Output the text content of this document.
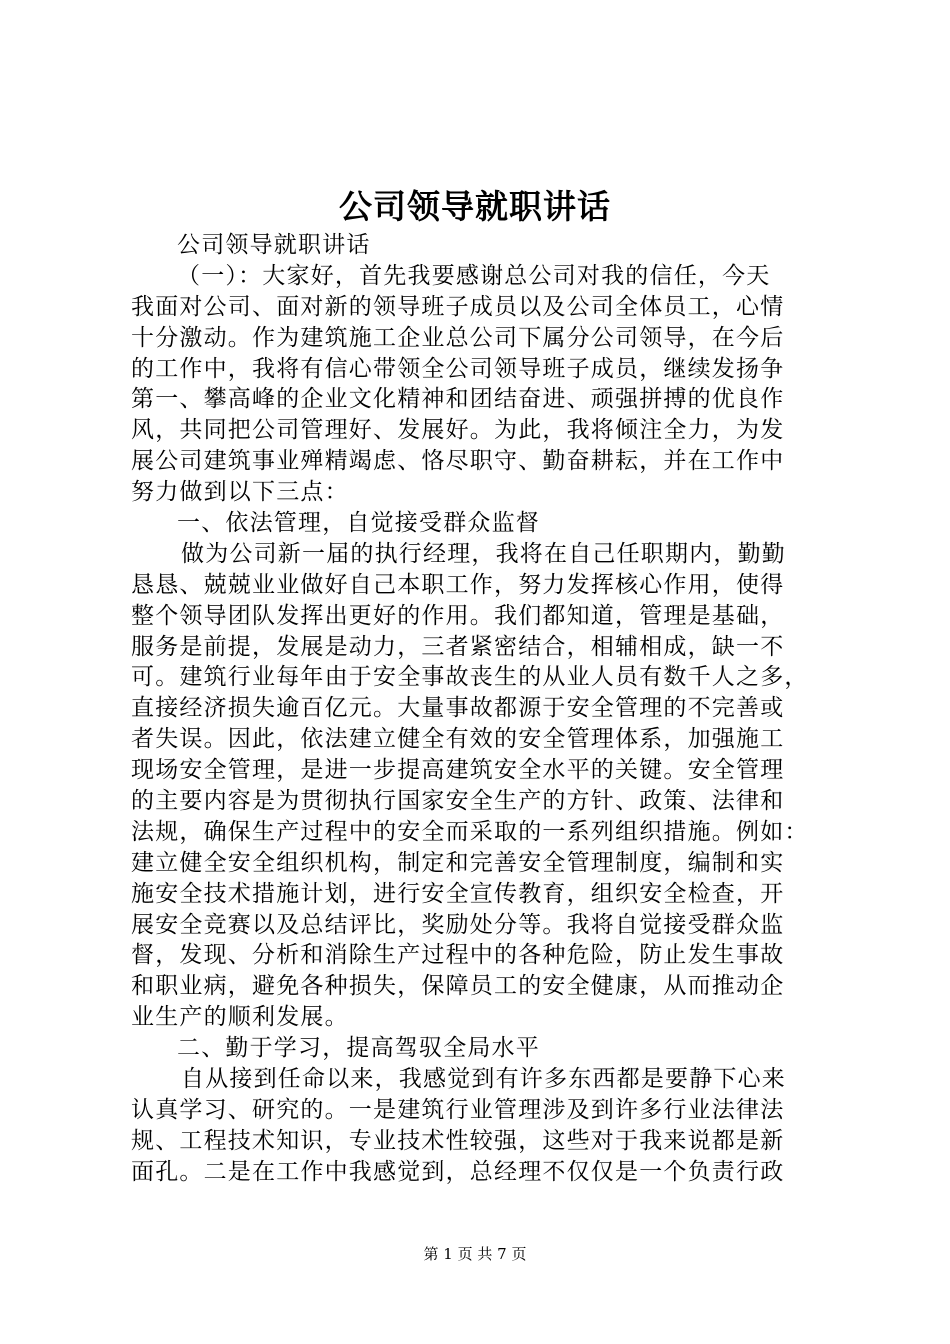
公司领导就职讲话
公司领导就职讲话
（一）：大家好，首先我要感谢总公司对我的信任，今天
我面对公司、面对新的领导班子成员以及公司全体员工，心情
十分激动。作为建筑施工企业总公司下属分公司领导，在今后
的工作中，我将有信心带领全公司领导班子成员，继续发扬争
第一、攀高峰的企业文化精神和团结奋进、顽强拼搏的优良作
风，共同把公司管理好、发展好。为此，我将倾注全力，为发
展公司建筑事业殚精竭虑、恪尽职守、勤奋耕耘，并在工作中
努力做到以下三点：
一、依法管理，自觉接受群众监督
做为公司新一届的执行经理，我将在自己任职期内，勤勤
恳恳、兢兢业业做好自己本职工作，努力发挥核心作用，使得
整个领导团队发挥出更好的作用。我们都知道，管理是基础，
服务是前提，发展是动力，三者紧密结合，相辅相成，缺一不
可。建筑行业每年由于安全事故丧生的从业人员有数千人之多，
直接经济损失逾百亿元。大量事故都源于安全管理的不完善或
者失误。因此，依法建立健全有效的安全管理体系，加强施工
现场安全管理，是进一步提高建筑安全水平的关键。安全管理
的主要内容是为贯彻执行国家安全生产的方针、政策、法律和
法规，确保生产过程中的安全而采取的一系列组织措施。例如：
建立健全安全组织机构，制定和完善安全管理制度，编制和实
施安全技术措施计划，进行安全宣传教育，组织安全检查，开
展安全竞赛以及总结评比，奖励处分等。我将自觉接受群众监
督，发现、分析和消除生产过程中的各种危险，防止发生事故
和职业病，避免各种损失，保障员工的安全健康，从而推动企
业生产的顺利发展。
二、勤于学习，提高驾驭全局水平
自从接到任命以来，我感觉到有许多东西都是要静下心来
认真学习、研究的。一是建筑行业管理涉及到许多行业法律法
规、工程技术知识，专业技术性较强，这些对于我来说都是新
面孔。二是在工作中我感觉到，总经理不仅仅是一个负责行政
第 1 页 共 7 页
